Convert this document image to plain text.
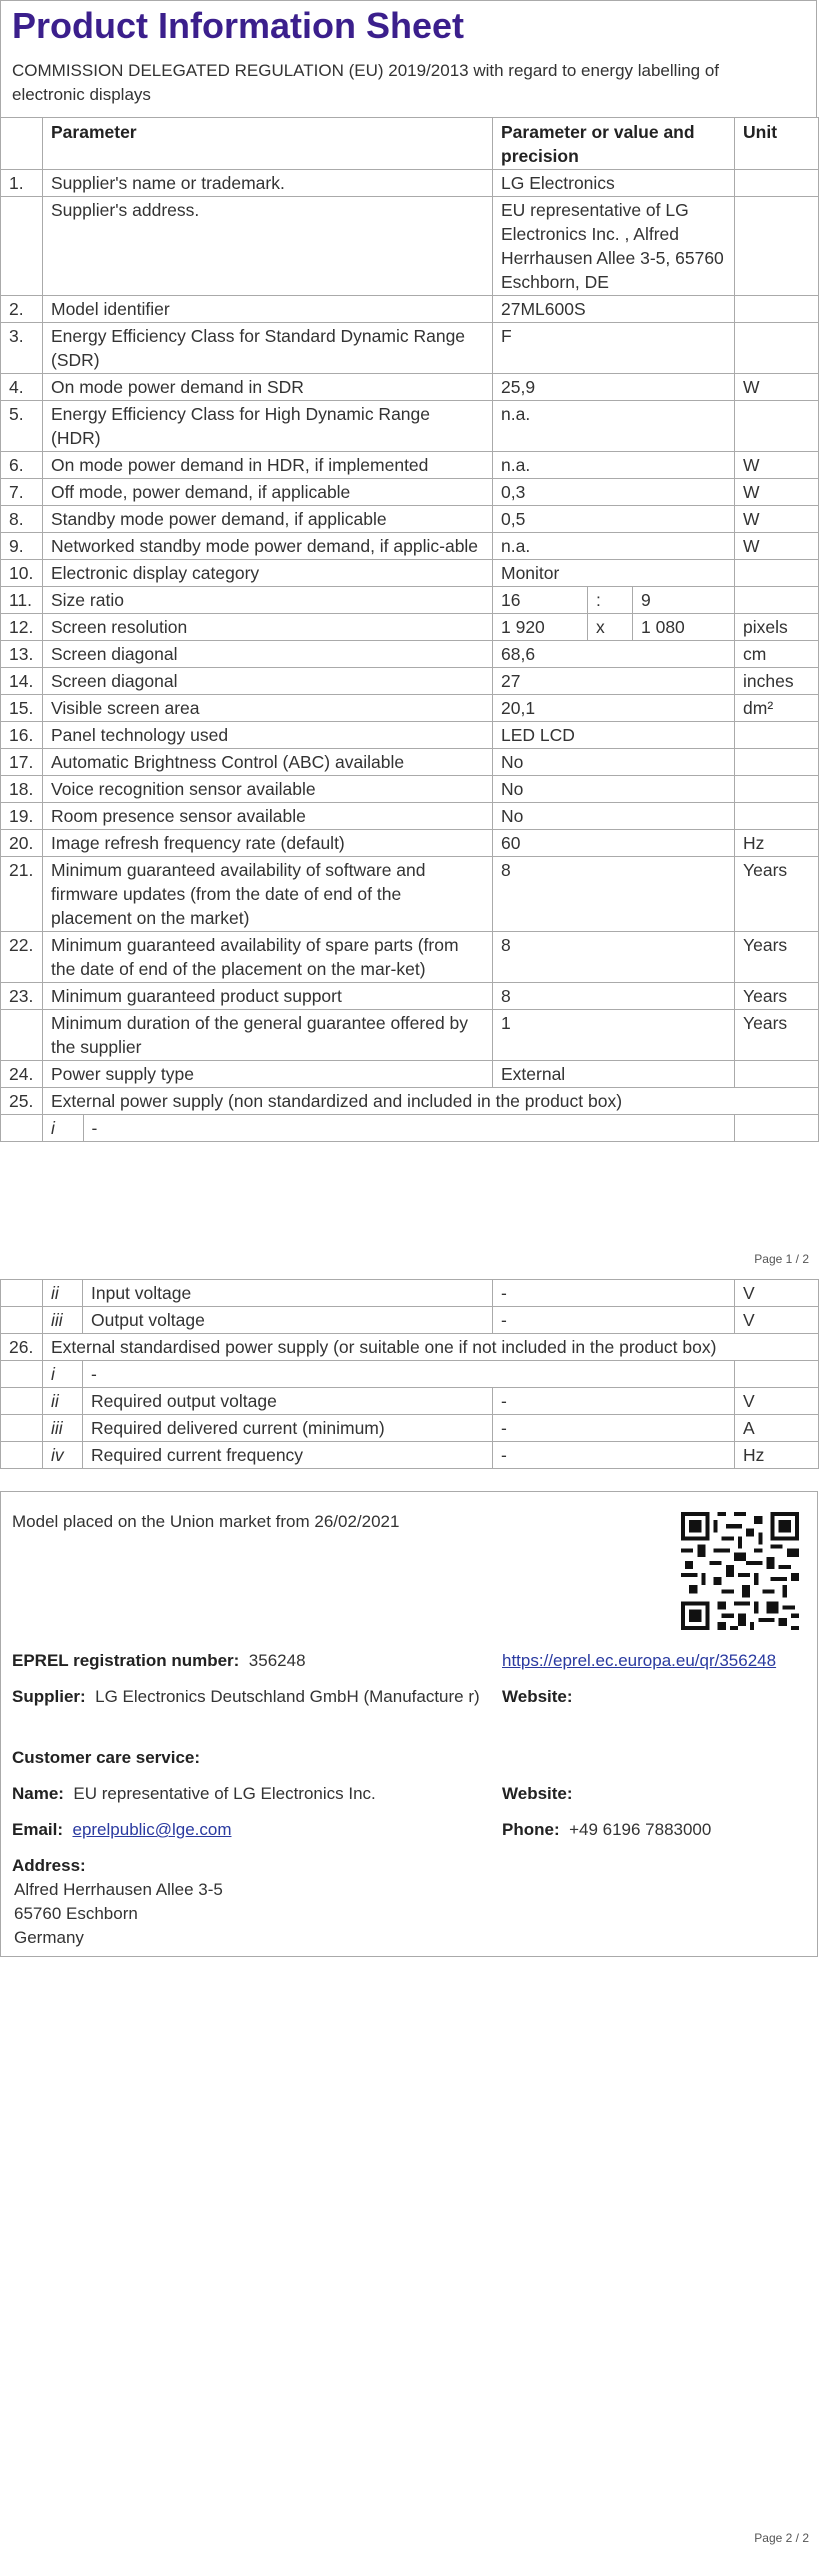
Product Information Sheet
COMMISSION DELEGATED REGULATION (EU) 2019/2013 with regard to energy labelling of electronic displays
	Parameter	Parameter or value and precision	Unit
1.	Supplier's name or trademark.	LG Electronics	
	Supplier's address.	EU representative of LG Electronics Inc. , Alfred Herrhausen Allee 3-5, 65760 Eschborn, DE	
2.	Model identifier	27ML600S	
3.	Energy Efficiency Class for Standard Dynamic Range (SDR)	F	
4.	On mode power demand in SDR	25,9	W
5.	Energy Efficiency Class for High Dynamic Range (HDR)	n.a.	
6.	On mode power demand in HDR, if implemented	n.a.	W
7.	Off mode, power demand, if applicable	0,3	W
8.	Standby mode power demand, if applicable	0,5	W
9.	Networked standby mode power demand, if applic-able	n.a.	W
10.	Electronic display category	Monitor	
11.	Size ratio	16	:	9	
12.	Screen resolution	1 920	x	1 080	pixels
13.	Screen diagonal	68,6	cm
14.	Screen diagonal	27	inches
15.	Visible screen area	20,1	dm²
16.	Panel technology used	LED LCD	
17.	Automatic Brightness Control (ABC) available	No	
18.	Voice recognition sensor available	No	
19.	Room presence sensor available	No	
20.	Image refresh frequency rate (default)	60	Hz
21.	Minimum guaranteed availability of software and firmware updates (from the date of end of the placement on the market)	8	Years
22.	Minimum guaranteed availability of spare parts (from the date of end of the placement on the mar-ket)	8	Years
23.	Minimum guaranteed product support	8	Years
	Minimum duration of the general guarantee offered by the supplier	1	Years
24.	Power supply type	External	
25.	External power supply (non standardized and included in the product box)

i	-

Page 1 / 2
	ii	Input voltage	-	V
	iii	Output voltage	-	V
26.	External standardised power supply (or suitable one if not included in the product box)			
	i	-		
	ii	Required output voltage	-	V
	iii	Required delivered current (minimum)	-	A
	iv	Required current frequency	-	Hz
Model placed on the Union market from 26/02/2021
EPREL registration number: 356248	https://eprel.ec.europa.eu/qr/356248
Supplier: LG Electronics Deutschland GmbH (Manufacture r)	Website:
Customer care service:
Name: EU representative of LG Electronics Inc.	Website:
Email: eprelpublic@lge.com	Phone: +49 6196 7883000
Address:
Alfred Herrhausen Allee 3-5
65760 Eschborn
Germany
Page 2 / 2
